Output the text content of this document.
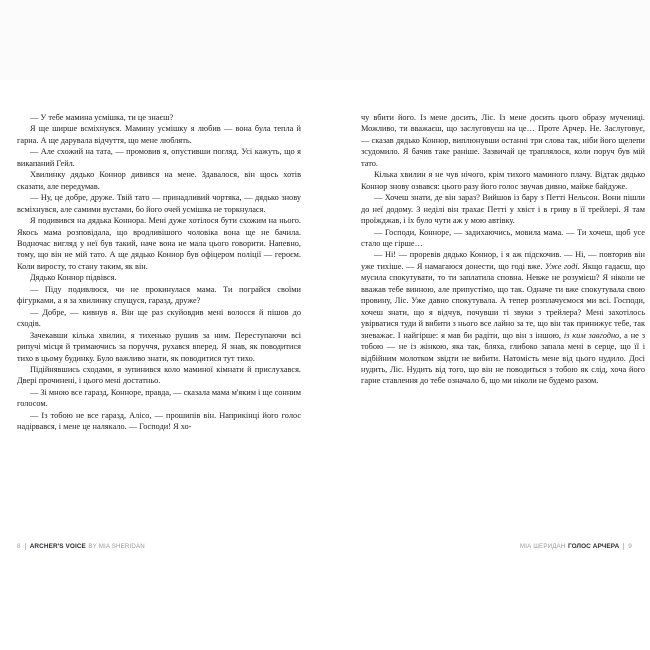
— У тебе мамина усмішка, ти це знаєш?

Я ще ширше всміхнувся. Мамину усмішку я любив — вона була тепла й гарна. А ще дарувала відчуття, що мене люблять.

— Але схожий на тата, — промовив я, опустивши погляд. Усі кажуть, що я викапаний Гейл.

Хвилинку дядько Коннор дивився на мене. Здавалося, він щось хотів сказати, але передумав.

— Ну, це добре, друже. Твій тато — принадливий чортяка, — дядько знову всміхнувся, але самими вустами, бо його очей усмішка не торкнулася.

Я подивився на дядька Коннора. Мені дуже хотілося бути схожим на нього. Якось мама розповідала, що вродливішого чоловіка вона ще не бачила. Водночас вигляд у неї був такий, наче вона не мала цього говорити. Напевно, тому, що він не мій тато. А ще дядько Коннор був офіцером поліції — героєм. Коли виросту, то стану таким, як він.

Дядько Коннор підвівся.

— Піду подивлюся, чи не прокинулася мама. Ти пограйся своїми фігурками, а я за хвилинку спущуся, гаразд, друже?

— Добре, — кивнув я. Він ще раз скуйовдив мені волосся й пішов до сходів.

Зачекавши кілька хвилин, я тихенько рушив за ним. Переступаючи всі рипучі місця й тримаючись за поруччя, рухався вперед. Я знав, як поводитися тихо в цьому будинку. Було важливо знати, як поводитися тут тихо.

Підійнявшись сходами, я зупинився коло маминої кімнати й прислухався. Двері прочинені, і цього мені достатньо.

— Зі мною все гаразд, Конноре, правда, — сказала мама м'яким і ще сонним голосом.

— Із тобою не все гаразд, Алісо, — прошипів він. Наприкінці його голос надірвався, і мене це налякало. — Господи! Я хо-

8 ARCHER'S VOICE BY MIA SHERIDAN

чу вбити його. Із мене досить, Ліс. Із мене досить цього образу мучениці. Можливо, ти вважаєш, що заслуговуєш на це… Проте Арчер. Не. Заслуговує, — сказав дядько Коннор, виплюнувши останні три слова так, ніби його щелепи зсудомило. Я бачив таке раніше. Зазвичай це траплялося, коли поруч був мій тато.

Кілька хвилин я не чув нічого, крім тихого маминого плачу. Відтак дядько Коннор знову озвався: цього разу його голос звучав дивно, майже байдуже.

— Хочеш знати, де він зараз? Вийшов із бару з Петті Нельсон. Вони пішли до неї додому. З неділі він трахає Петті у хвіст і в гриву в її трейлері. Я там проїжджав, і їх було чути аж у мою автівку.

— Господи, Конноре, — задихаючись, мовила мама. — Ти хочеш, щоб усе стало ще гірше…

— Ні! — проревів дядько Коннор, і я аж підскочив. — Ні, — повторив він уже тихіше. — Я намагаюся донести, що годі вже. Уже годі. Якщо гадаєш, що мусила спокутувати, то ти заплатила сповна. Невже не розумієш? Я ніколи не вважав тебе винною, але припустімо, що так. Одначе ти вже спокутувала свою провину, Ліс. Уже давно спокутувала. А тепер розплачуємося ми всі. Господи, хочеш знати, що я відчув, почувши ті звуки з трейлера? Мені захотілось увірватися туди й вибити з нього все лайно за те, що він так принижує тебе, так зневажає. І найгірше: я мав би радіти, що він з іншою, із ким завгодно, а не з тобою — не із жінкою, яка так, бляха, глибоко запала мені в серце, що її і відбійним молотком звідти не вибити. Натомість мене від цього нудило. Досі нудить, Ліс. Нудить від того, що він не поводиться з тобою як слід, хоча його гарне ставлення до тебе означало б, що ми ніколи не будемо разом.

МІА ШЕРИДАН ГОЛОС АРЧЕРА 9
